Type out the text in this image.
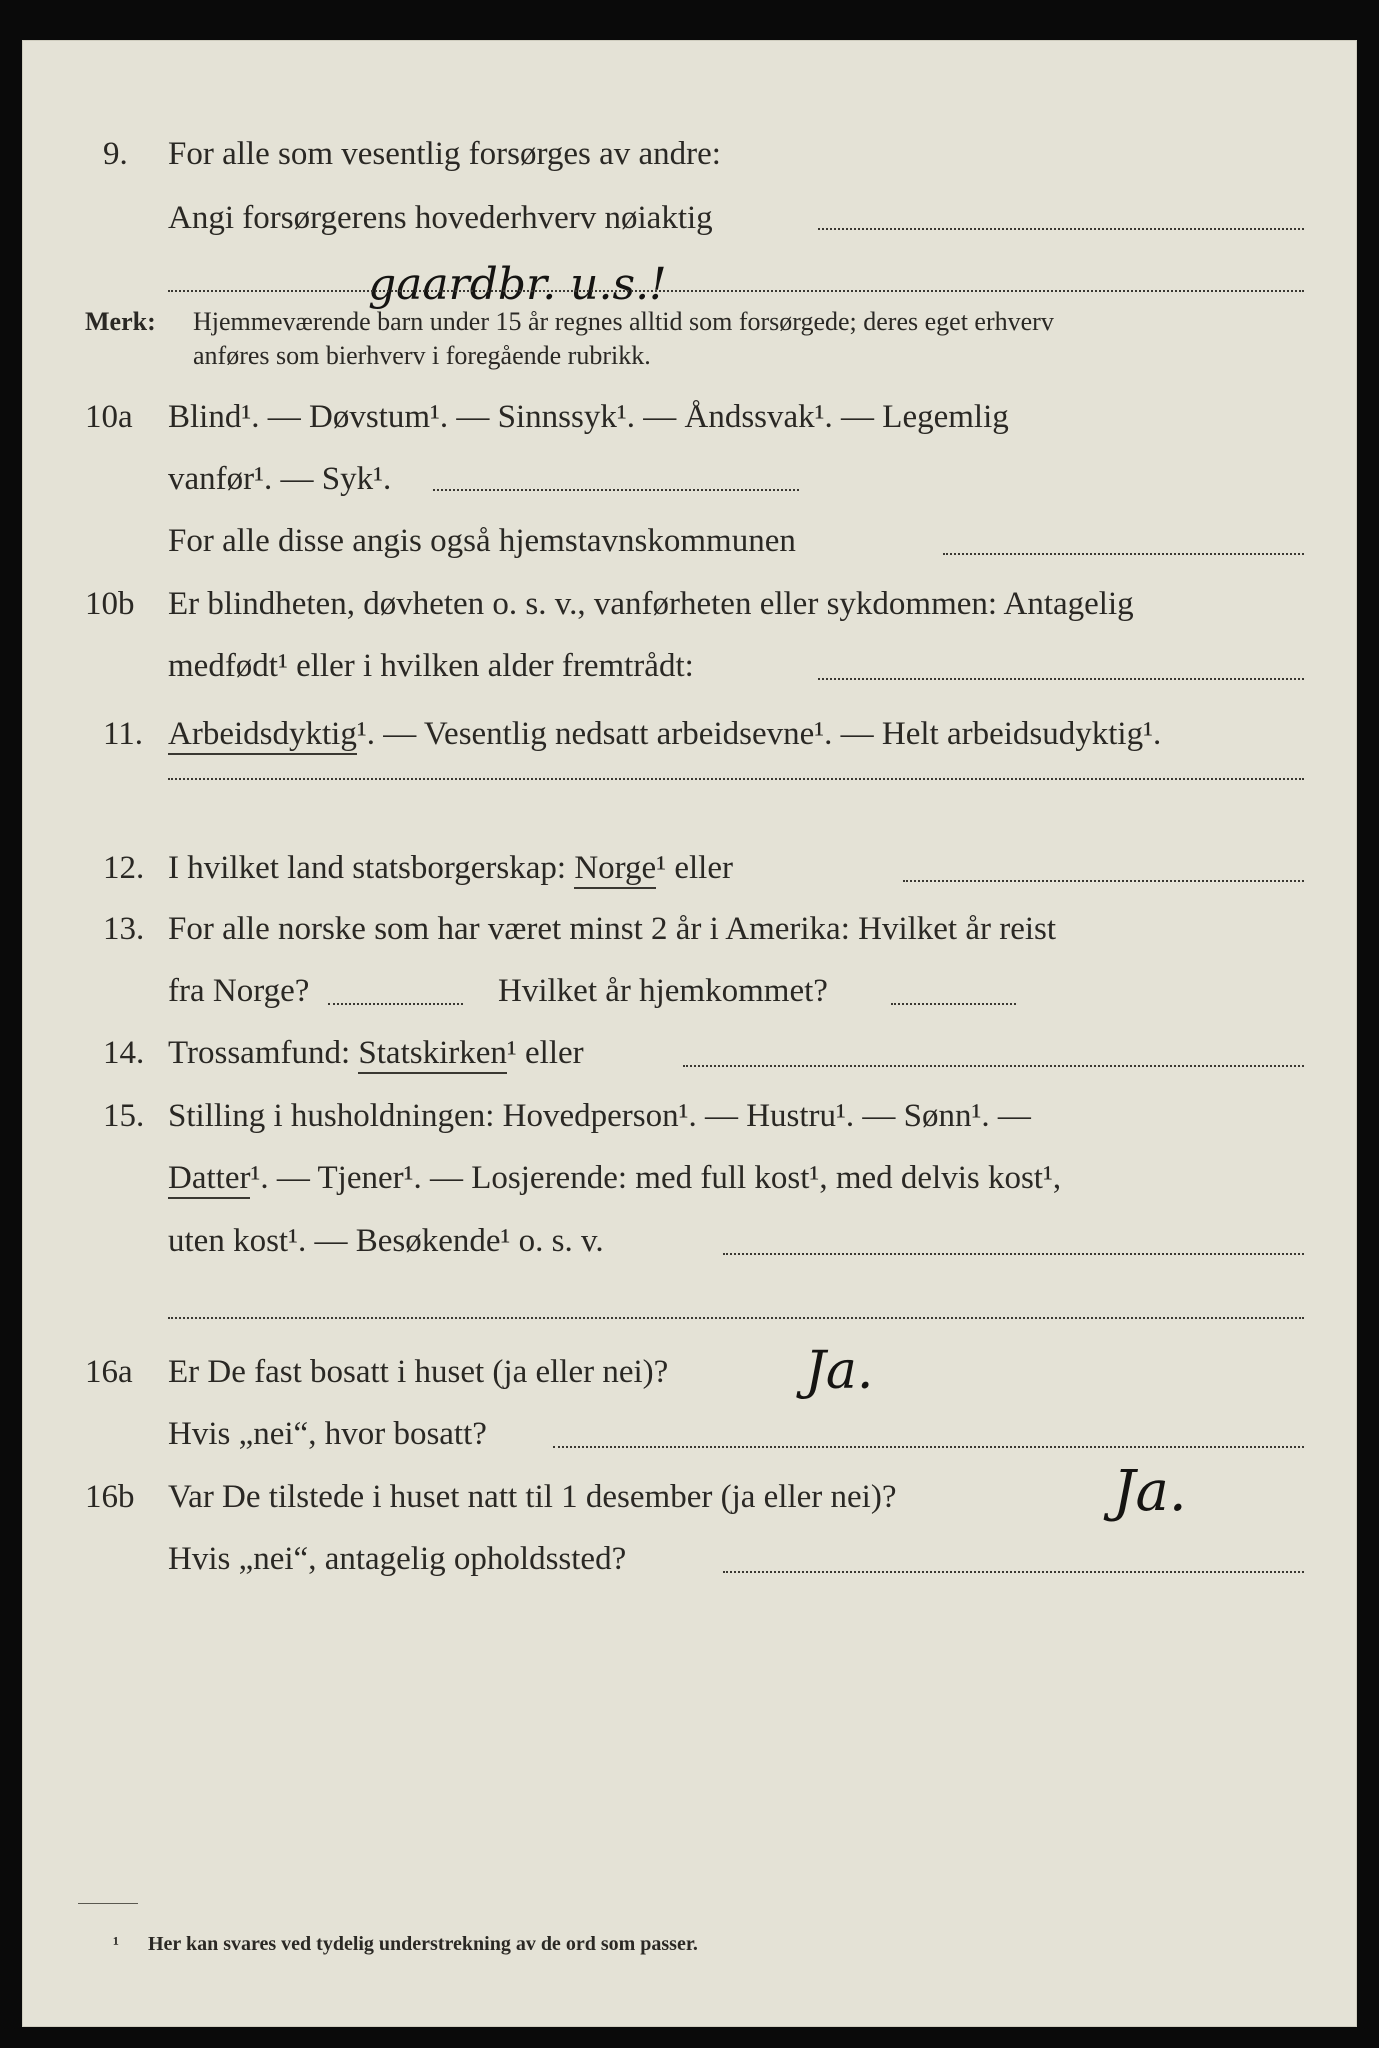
9. For alle som vesentlig forsørges av andre:
Angi forsørgerens hovederhverv nøiaktig
gaardbr. u.s.!
Merk: Hjemmeværende barn under 15 år regnes alltid som forsørgede; deres eget erhverv
anføres som bierhverv i foregående rubrikk.
10a Blind¹. — Døvstum¹. — Sinnssyk¹. — Åndssvak¹. — Legemlig
vanfør¹. — Syk¹.
For alle disse angis også hjemstavnskommunen
10b Er blindheten, døvheten o. s. v., vanførheten eller sykdommen: Antagelig
medfødt¹ eller i hvilken alder fremtrådt:
11. Arbeidsdyktig¹. — Vesentlig nedsatt arbeidsevne¹. — Helt arbeidsudyktig¹.
12. I hvilket land statsborgerskap: Norge¹ eller
13. For alle norske som har været minst 2 år i Amerika: Hvilket år reist
fra Norge?	Hvilket år hjemkommet?
14. Trossamfund: Statskirken¹ eller
15. Stilling i husholdningen: Hovedperson¹. — Hustru¹. — Sønn¹. —
Datter¹. — Tjener¹. — Losjerende: med full kost¹, med delvis kost¹,
uten kost¹. — Besøkende¹ o. s. v.
16a Er De fast bosatt i huset (ja eller nei)?	Ja.
Hvis „nei“, hvor bosatt?
16b Var De tilstede i huset natt til 1 desember (ja eller nei)?	Ja.
Hvis „nei“, antagelig opholdssted?
¹ Her kan svares ved tydelig understrekning av de ord som passer.
